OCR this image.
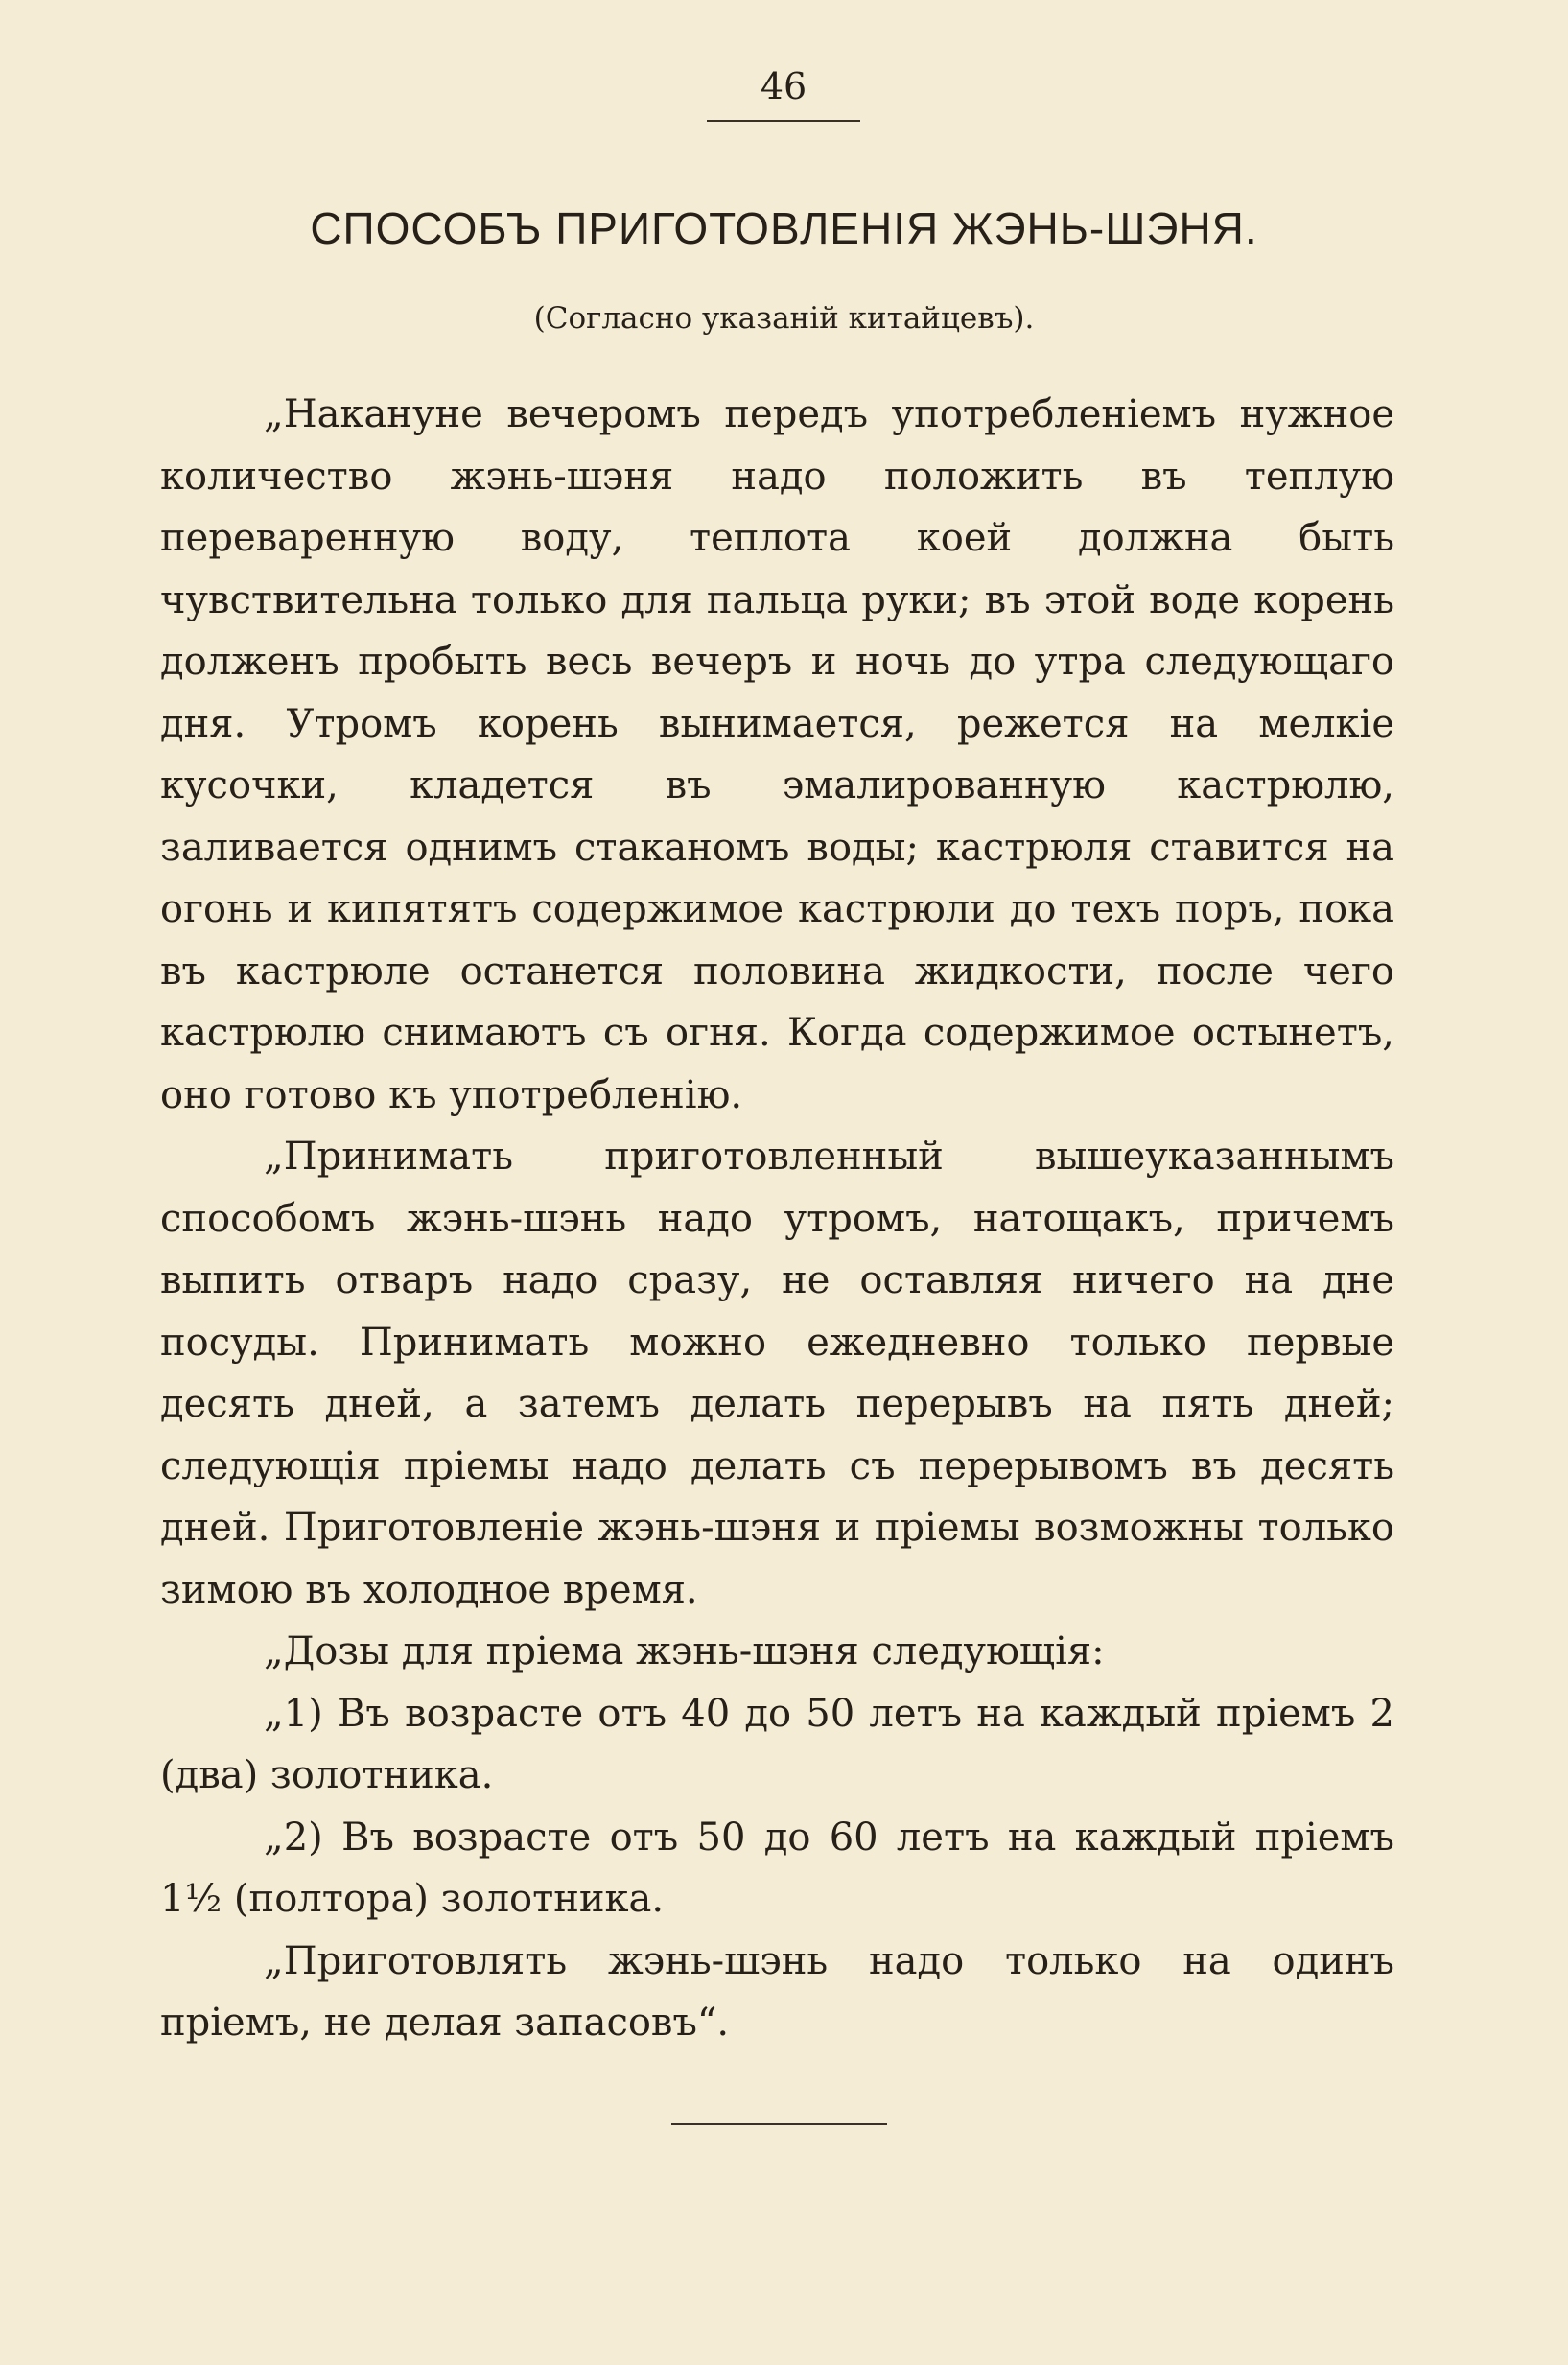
46
СПОСОБЪ ПРИГОТОВЛЕНІЯ ЖЭНЬ-ШЭНЯ.
(Согласно указаній китайцевъ).

„Накануне вечеромъ передъ употребленіемъ нужное количество жэнь-шэня надо положить въ теплую переваренную воду, теплота коей должна быть чувствительна только для пальца руки; въ этой воде корень долженъ пробыть весь вечеръ и ночь до утра следующаго дня. Утромъ корень вынимается, режется на мелкіе кусочки, кладется въ эмалированную кастрюлю, заливается однимъ стаканомъ воды; кастрюля ставится на огонь и кипятятъ содержимое кастрюли до техъ поръ, пока въ кастрюле останется половина жидкости, после чего кастрюлю снимаютъ съ огня. Когда содержимое остынетъ, оно готово къ употребленію.

„Принимать приготовленный вышеуказаннымъ способомъ жэнь-шэнь надо утромъ, натощакъ, причемъ выпить отваръ надо сразу, не оставляя ничего на дне посуды. Принимать можно ежедневно только первые десять дней, а затемъ делать перерывъ на пять дней; следующія пріемы надо делать съ перерывомъ въ десять дней. Приготовленіе жэнь-шэня и пріемы возможны только зимою въ холодное время.

„Дозы для пріема жэнь-шэня следующія:

„1) Въ возрасте отъ 40 до 50 летъ на каждый пріемъ 2 (два) золотника.

„2) Въ возрасте отъ 50 до 60 летъ на каждый пріемъ 1½ (полтора) золотника.

„Приготовлять жэнь-шэнь надо только на одинъ пріемъ, не делая запасовъ“.
